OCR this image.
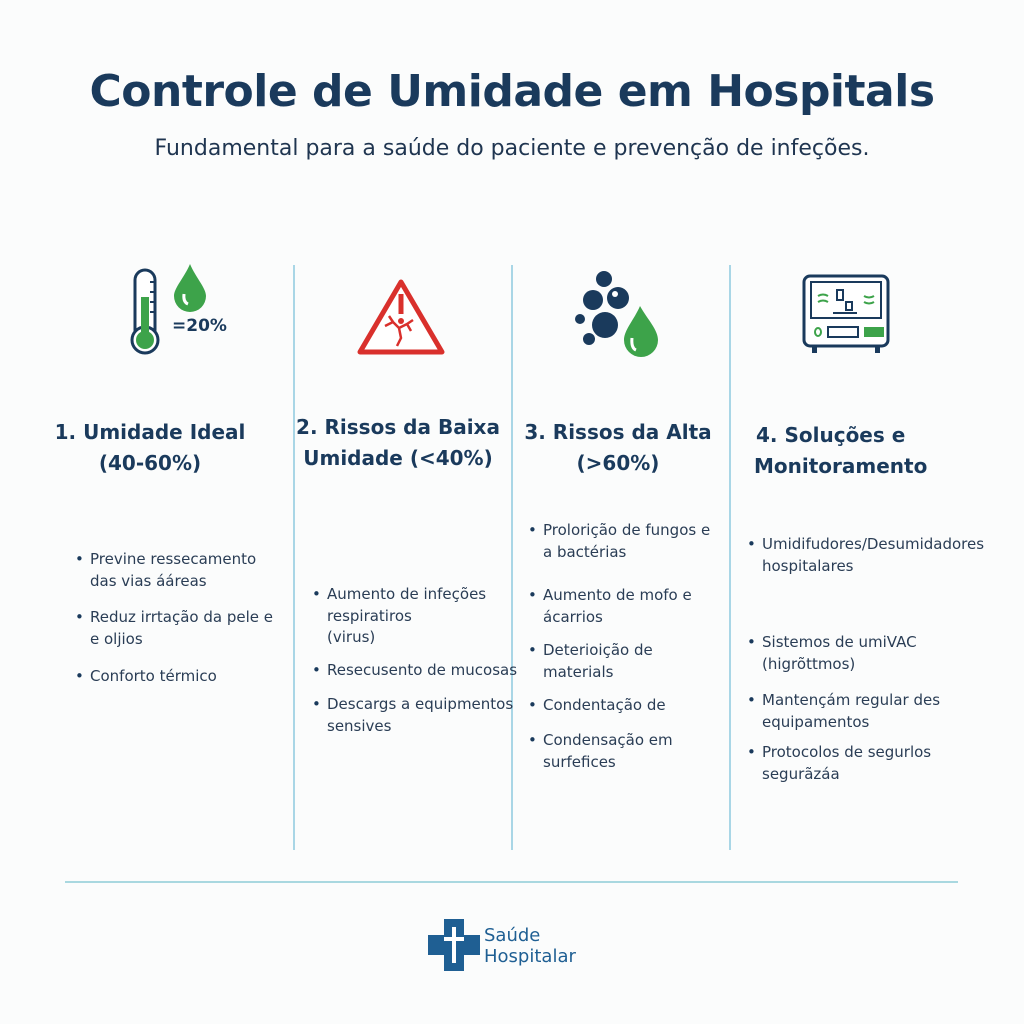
Controle de Umidade em Hospitals
Fundamental para a saúde do paciente e prevenção de infeções.
=20%
1. Umidade Ideal
(40-60%)
2. Rissos da Baixa
Umidade (<40%)
3. Rissos da Alta
(>60%)
4. Soluções e
Monitoramento
• Previne ressecamento
das vias ááreas
• Reduz irrtação da pele e
e oljios
• Conforto térmico
• Aumento de infeções
respiratiros
(virus)
• Resecusento de mucosas
• Descargs a equipmentos
sensives
• Prolorição de fungos e
a bactérias
• Aumento de mofo e
ácarrios
• Deterioição de
materials
• Condentação de
• Condensação em
surfefices
• Umidifudores/Desumidadores
hospitalares
• Sistemos de umiVAC
(higrõttmos)
• Mantençám regular des
equipamentos
• Protocolos de segurlos
segurãzáa
Saúde
Hospitalar
